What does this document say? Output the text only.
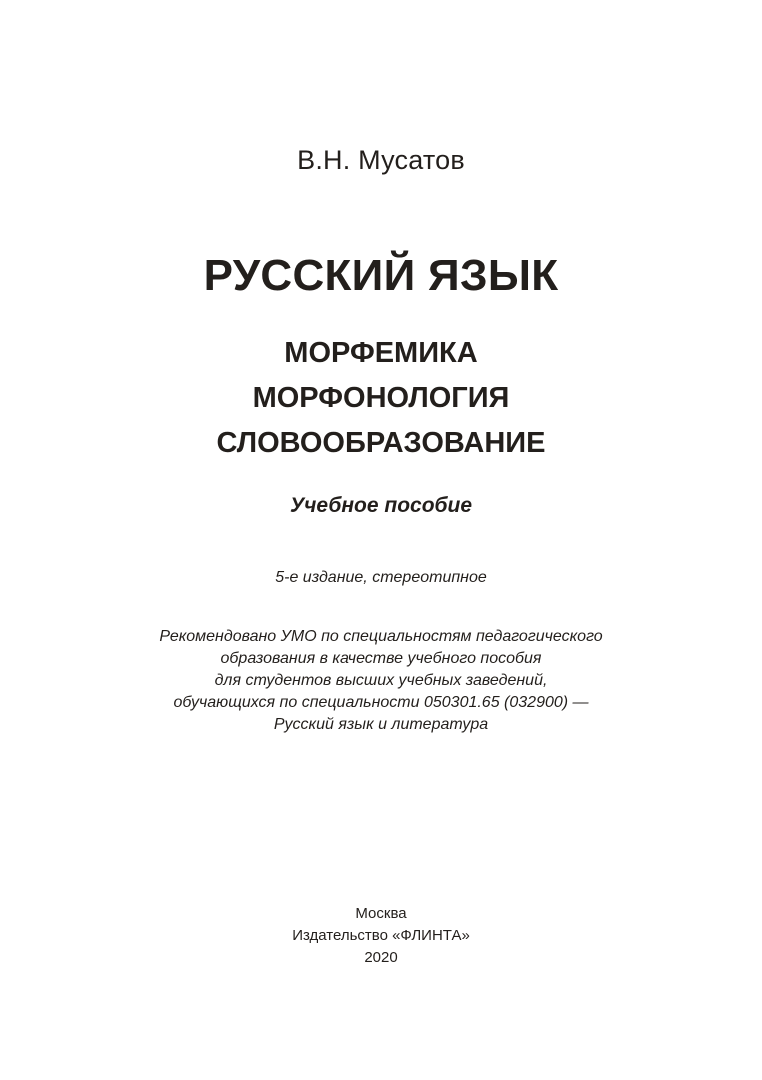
В.Н. Мусатов
РУССКИЙ ЯЗЫК
МОРФЕМИКА
МОРФОНОЛОГИЯ
СЛОВООБРАЗОВАНИЕ
Учебное пособие
5-е издание, стереотипное
Рекомендовано УМО по специальностям педагогического
образования в качестве учебного пособия
для студентов высших учебных заведений,
обучающихся по специальности 050301.65 (032900) —
Русский язык и литература
Москва
Издательство «ФЛИНТА»
2020
